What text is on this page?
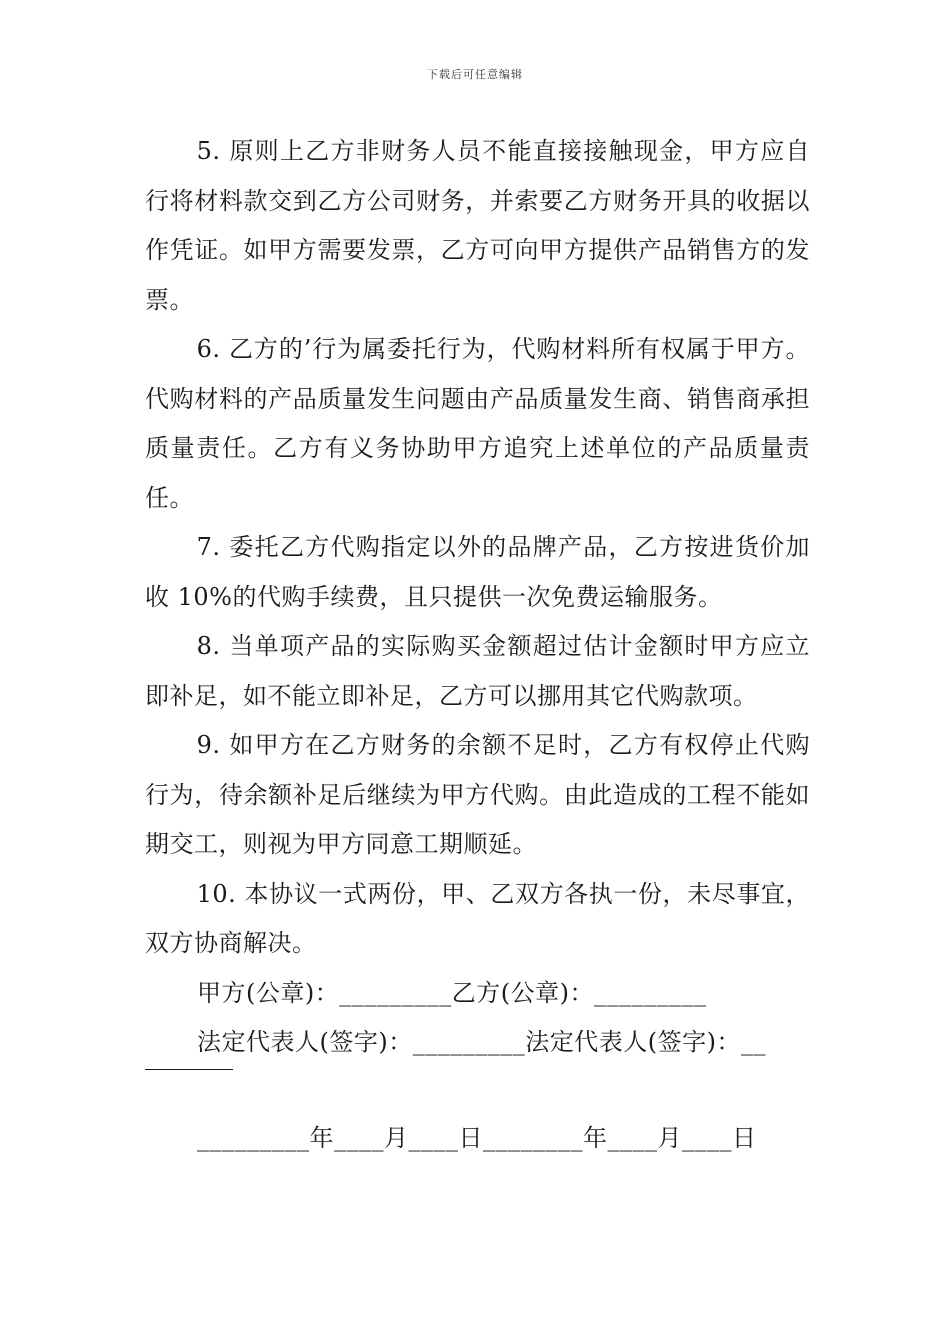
下载后可任意编辑

5. 原则上乙方非财务人员不能直接接触现金，甲方应自行将材料款交到乙方公司财务，并索要乙方财务开具的收据以作凭证。如甲方需要发票，乙方可向甲方提供产品销售方的发票。

6. 乙方的’行为属委托行为，代购材料所有权属于甲方。代购材料的产品质量发生问题由产品质量发生商、销售商承担质量责任。乙方有义务协助甲方追究上述单位的产品质量责任。

7. 委托乙方代购指定以外的品牌产品，乙方按进货价加收 10%的代购手续费，且只提供一次免费运输服务。

8. 当单项产品的实际购买金额超过估计金额时甲方应立即补足，如不能立即补足，乙方可以挪用其它代购款项。

9. 如甲方在乙方财务的余额不足时，乙方有权停止代购行为，待余额补足后继续为甲方代购。由此造成的工程不能如期交工，则视为甲方同意工期顺延。

10. 本协议一式两份，甲、乙双方各执一份，未尽事宜，双方协商解决。

甲方(公章)：_________乙方(公章)：_________

法定代表人(签字)：_________法定代表人(签字)：__

_________年____月____日________年____月____日
